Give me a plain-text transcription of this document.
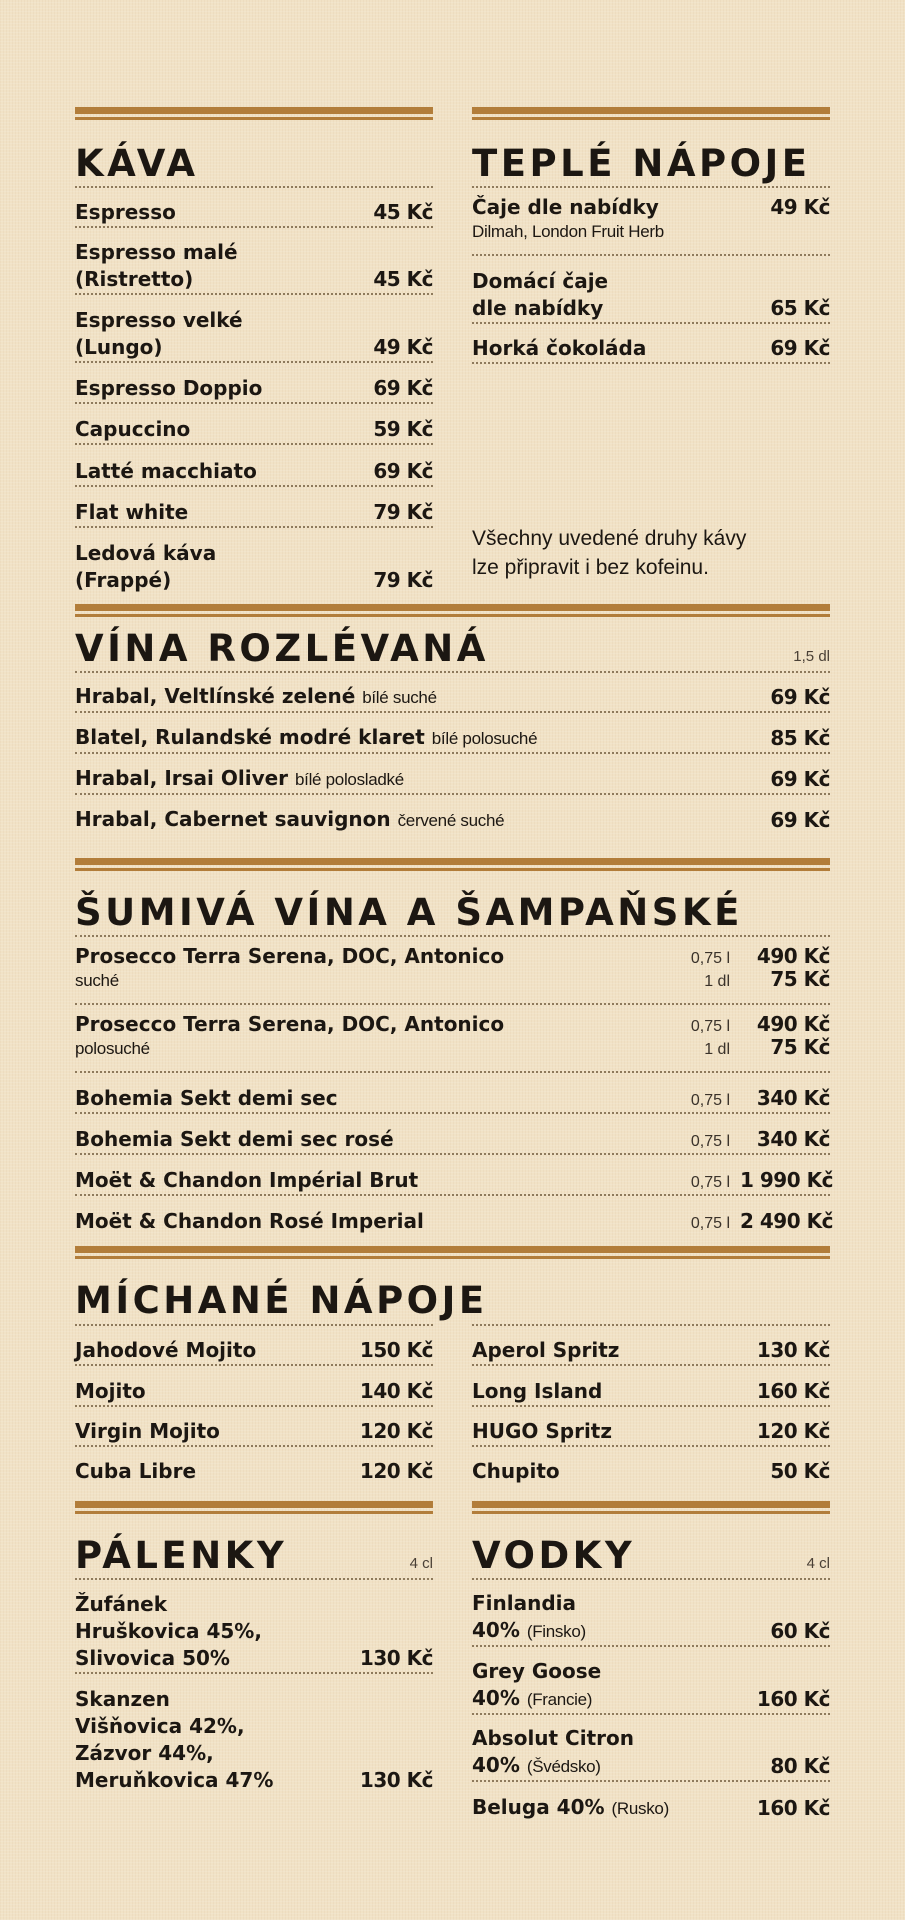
KÁVA
Espresso	45 Kč
Espresso malé
(Ristretto)	45 Kč
Espresso velké
(Lungo)	49 Kč
Espresso Doppio	69 Kč
Capuccino	59 Kč
Latté macchiato	69 Kč
Flat white	79 Kč
Ledová káva
(Frappé)	79 Kč
TEPLÉ NÁPOJE
Čaje dle nabídky
Dilmah, London Fruit Herb
49 Kč
Domácí čaje
dle nabídky	65 Kč
Horká čokoláda	69 Kč
Všechny uvedené druhy kávy
lze připravit i bez kofeinu.
VÍNA ROZLÉVANÁ	1,5 dl
Hrabal, Veltlínské zelené bílé suché	69 Kč
Blatel, Rulandské modré klaret bílé polosuché	85 Kč
Hrabal, Irsai Oliver bílé polosladké	69 Kč
Hrabal, Cabernet sauvignon červené suché	69 Kč
ŠUMIVÁ VÍNA A ŠAMPAŇSKÉ
Prosecco Terra Serena, DOC, Antonico
suché
0,75 l	490 Kč
1 dl	75 Kč
Prosecco Terra Serena, DOC, Antonico
polosuché
0,75 l	490 Kč
1 dl	75 Kč
Bohemia Sekt demi sec	0,75 l	340 Kč
Bohemia Sekt demi sec rosé	0,75 l	340 Kč
Moët & Chandon Impérial Brut	0,75 l 1 990 Kč
Moët & Chandon Rosé Imperial	0,75 l 2 490 Kč
MÍCHANÉ NÁPOJE
Jahodové Mojito	150 Kč
Mojito	140 Kč
Virgin Mojito	120 Kč
Cuba Libre	120 Kč
Aperol Spritz	130 Kč
Long Island	160 Kč
HUGO Spritz	120 Kč
Chupito	50 Kč
PÁLENKY	4 cl
Žufánek
Hruškovica 45%,
Slivovica 50%	130 Kč
Skanzen
Višňovica 42%,
Zázvor 44%,
Meruňkovica 47%	130 Kč
VODKY	4 cl
Finlandia
40% (Finsko)	60 Kč
Grey Goose
40% (Francie)	160 Kč
Absolut Citron
40% (Švédsko)	80 Kč
Beluga 40% (Rusko)	160 Kč
